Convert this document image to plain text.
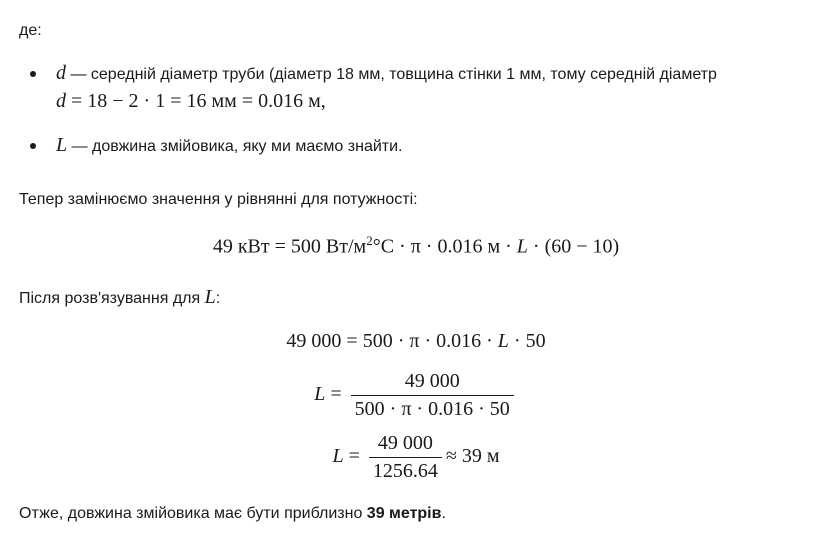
де:
d — середній діаметр труби (діаметр 18 мм, товщина стінки 1 мм, тому середній діаметр
d = 18 − 2 · 1 = 16 мм = 0.016 м,
L — довжина змійовика, яку ми маємо знайти.
Тепер замінюємо значення у рівнянні для потужності:
49 кВт = 500 $Вт/м^2^\circ C \cdot \pi \cdot 0.016$ м · L · (60 − 10)
Після розв'язування для L:
49 000 = 500 · π · 0.016 · L · 50
$L = \frac{49 000}{500 \cdot \pi \cdot 0.016 \cdot 50}$
$L = \frac{49 000}{1256.64} \approx 39$ м
Отже, довжина змійовика має бути приблизно 39 метрів.
